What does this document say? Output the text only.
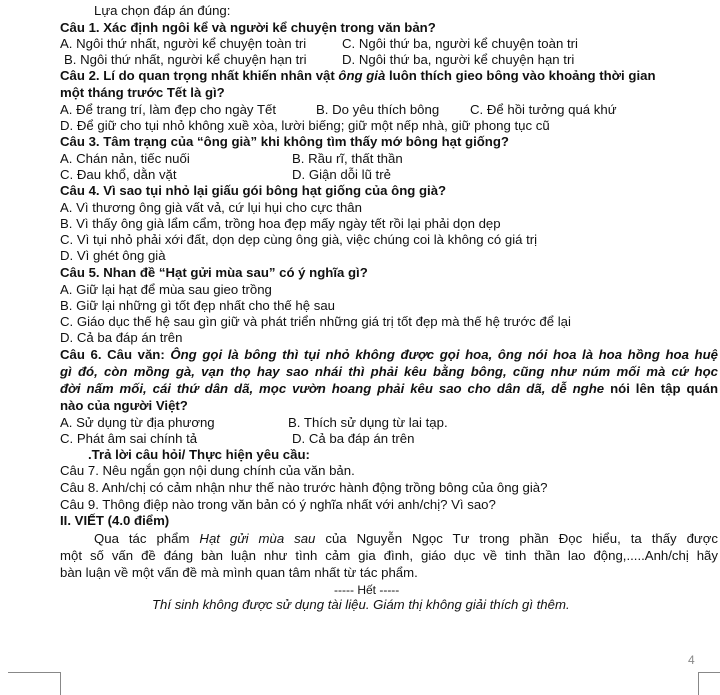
Lựa chọn đáp án đúng:
Câu 1. Xác định ngôi kể và người kể chuyện trong văn bản?
A. Ngôi thứ nhất, người kể chuyện toàn tri	C. Ngôi thứ ba, người kể chuyện toàn tri
B. Ngôi thứ nhất, người kể chuyện hạn tri	D. Ngôi thứ ba, người kể chuyện hạn tri
Câu 2. Lí do quan trọng nhất khiến nhân vật ông già luôn thích gieo bông vào khoảng thời gian
một tháng trước Tết là gì?
A. Để trang trí, làm đẹp cho ngày Tết	B. Do yêu thích bông C. Để hồi tưởng quá khứ
D. Để giữ cho tụi nhỏ không xuề xòa, lười biếng; giữ một nếp nhà, giữ phong tục cũ
Câu 3. Tâm trạng của “ông già” khi không tìm thấy mớ bông hạt giống?
A. Chán nản, tiếc nuối	B. Rầu rĩ, thất thần
C. Đau khổ, dằn vặt	D. Giận dỗi lũ trẻ
Câu 4. Vì sao tụi nhỏ lại giấu gói bông hạt giống của ông già?
A. Vì thương ông già vất vả, cứ lụi hụi cho cực thân
B. Vì thấy ông già lẩm cẩm, trồng hoa đẹp mấy ngày tết rồi lại phải dọn dẹp
C. Vì tụi nhỏ phải xới đất, dọn dẹp cùng ông già, việc chúng coi là không có giá trị
D. Vì ghét ông già
Câu 5. Nhan đề “Hạt gửi mùa sau” có ý nghĩa gì?
A. Giữ lại hạt để mùa sau gieo trồng
B. Giữ lại những gì tốt đẹp nhất cho thế hệ sau
C. Giáo dục thế hệ sau gìn giữ và phát triển những giá trị tốt đẹp mà thế hệ trước để lại
D. Cả ba đáp án trên
Câu 6. Câu văn: Ông gọi là bông thì tụi nhỏ không được gọi hoa, ông nói hoa là hoa hồng hoa huệ
gì đó, còn mồng gà, vạn thọ hay sao nhái thì phải kêu bằng bông, cũng như núm mối mà cứ học
đời nấm mối, cái thứ dân dã, mọc vườn hoang phải kêu sao cho dân dã, dễ nghe nói lên tập quán
nào của người Việt?
A. Sử dụng từ địa phương	B. Thích sử dụng từ lai tạp.
C. Phát âm sai chính tả	D. Cả ba đáp án trên
.Trả lời câu hỏi/ Thực hiện yêu cầu:
Câu 7. Nêu ngắn gọn nội dung chính của văn bản.
Câu 8. Anh/chị có cảm nhận như thế nào trước hành động trồng bông của ông già?
Câu 9. Thông điệp nào trong văn bản có ý nghĩa nhất với anh/chị? Vì sao?
II. VIẾT (4.0 điểm)
Qua tác phẩm Hạt gửi mùa sau của Nguyễn Ngọc Tư trong phần Đọc hiểu, ta thấy được
một số vấn đề đáng bàn luận như tình cảm gia đình, giáo dục về tinh thần lao động,.....Anh/chị hãy
bàn luận về một vấn đề mà mình quan tâm nhất từ tác phẩm.
----- Hết -----
Thí sinh không được sử dụng tài liệu. Giám thị không giải thích gì thêm.
4
